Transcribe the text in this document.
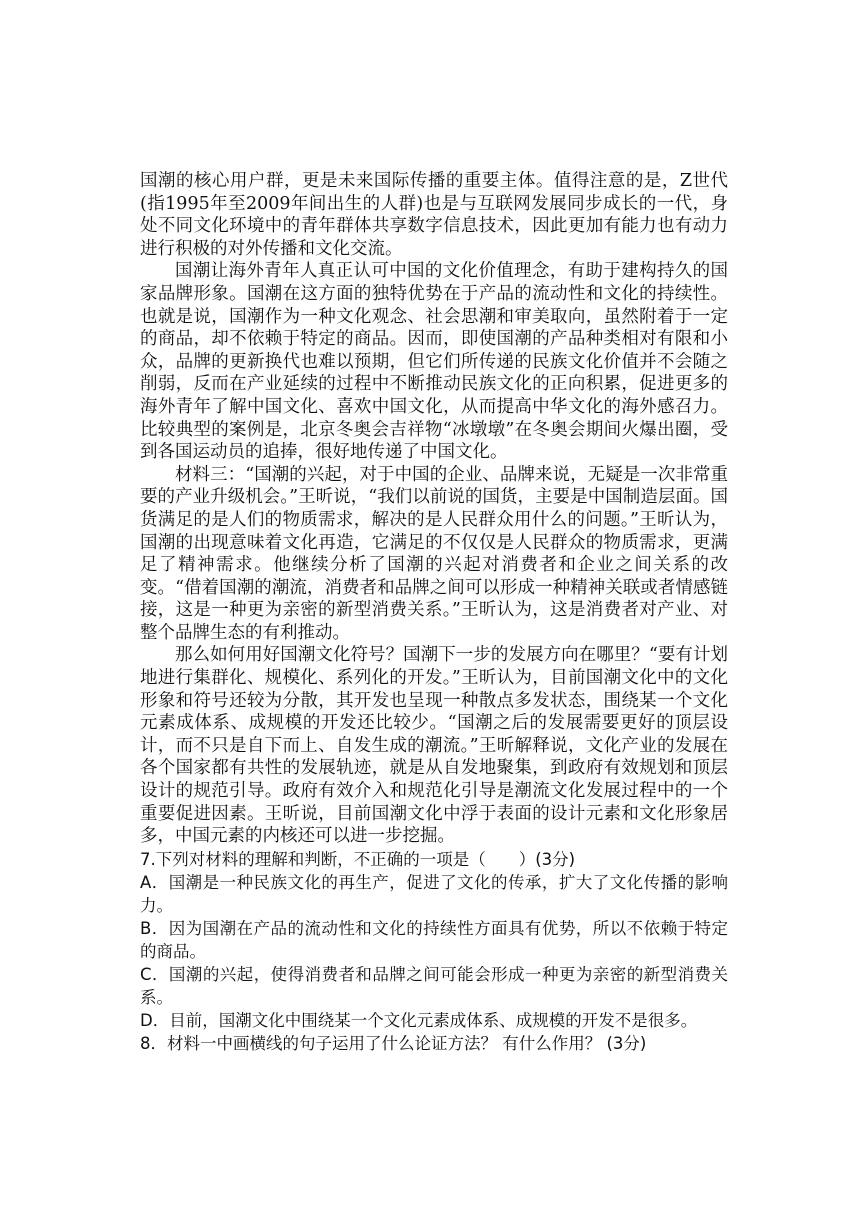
国潮的核心用户群，更是未来国际传播的重要主体。值得注意的是，Z世代(指1995年至2009年间出生的人群)也是与互联网发展同步成长的一代，身处不同文化环境中的青年群体共享数字信息技术，因此更加有能力也有动力进行积极的对外传播和文化交流。

国潮让海外青年人真正认可中国的文化价值理念，有助于建构持久的国家品牌形象。国潮在这方面的独特优势在于产品的流动性和文化的持续性。也就是说，国潮作为一种文化观念、社会思潮和审美取向，虽然附着于一定的商品，却不依赖于特定的商品。因而，即使国潮的产品种类相对有限和小众，品牌的更新换代也难以预期，但它们所传递的民族文化价值并不会随之削弱，反而在产业延续的过程中不断推动民族文化的正向积累，促进更多的海外青年了解中国文化、喜欢中国文化，从而提高中华文化的海外感召力。比较典型的案例是，北京冬奥会吉祥物“冰墩墩”在冬奥会期间火爆出圈，受到各国运动员的追捧，很好地传递了中国文化。

材料三：“国潮的兴起，对于中国的企业、品牌来说，无疑是一次非常重要的产业升级机会。”王昕说，“我们以前说的国货，主要是中国制造层面。国货满足的是人们的物质需求，解决的是人民群众用什么的问题。”王昕认为，国潮的出现意味着文化再造，它满足的不仅仅是人民群众的物质需求，更满足了精神需求。他继续分析了国潮的兴起对消费者和企业之间关系的改变。“借着国潮的潮流，消费者和品牌之间可以形成一种精神关联或者情感链接，这是一种更为亲密的新型消费关系。”王昕认为，这是消费者对产业、对整个品牌生态的有利推动。

那么如何用好国潮文化符号？国潮下一步的发展方向在哪里？“要有计划地进行集群化、规模化、系列化的开发。”王昕认为，目前国潮文化中的文化形象和符号还较为分散，其开发也呈现一种散点多发状态，围绕某一个文化元素成体系、成规模的开发还比较少。“国潮之后的发展需要更好的顶层设计，而不只是自下而上、自发生成的潮流。”王昕解释说，文化产业的发展在各个国家都有共性的发展轨迹，就是从自发地聚集，到政府有效规划和顶层设计的规范引导。政府有效介入和规范化引导是潮流文化发展过程中的一个重要促进因素。王昕说，目前国潮文化中浮于表面的设计元素和文化形象居多，中国元素的内核还可以进一步挖掘。

7.下列对材料的理解和判断，不正确的一项是（　　）(3分)

A．国潮是一种民族文化的再生产，促进了文化的传承，扩大了文化传播的影响力。

B．因为国潮在产品的流动性和文化的持续性方面具有优势，所以不依赖于特定的商品。

C．国潮的兴起，使得消费者和品牌之间可能会形成一种更为亲密的新型消费关系。

D．目前，国潮文化中围绕某一个文化元素成体系、成规模的开发不是很多。

8．材料一中画横线的句子运用了什么论证方法？ 有什么作用？ (3分)
